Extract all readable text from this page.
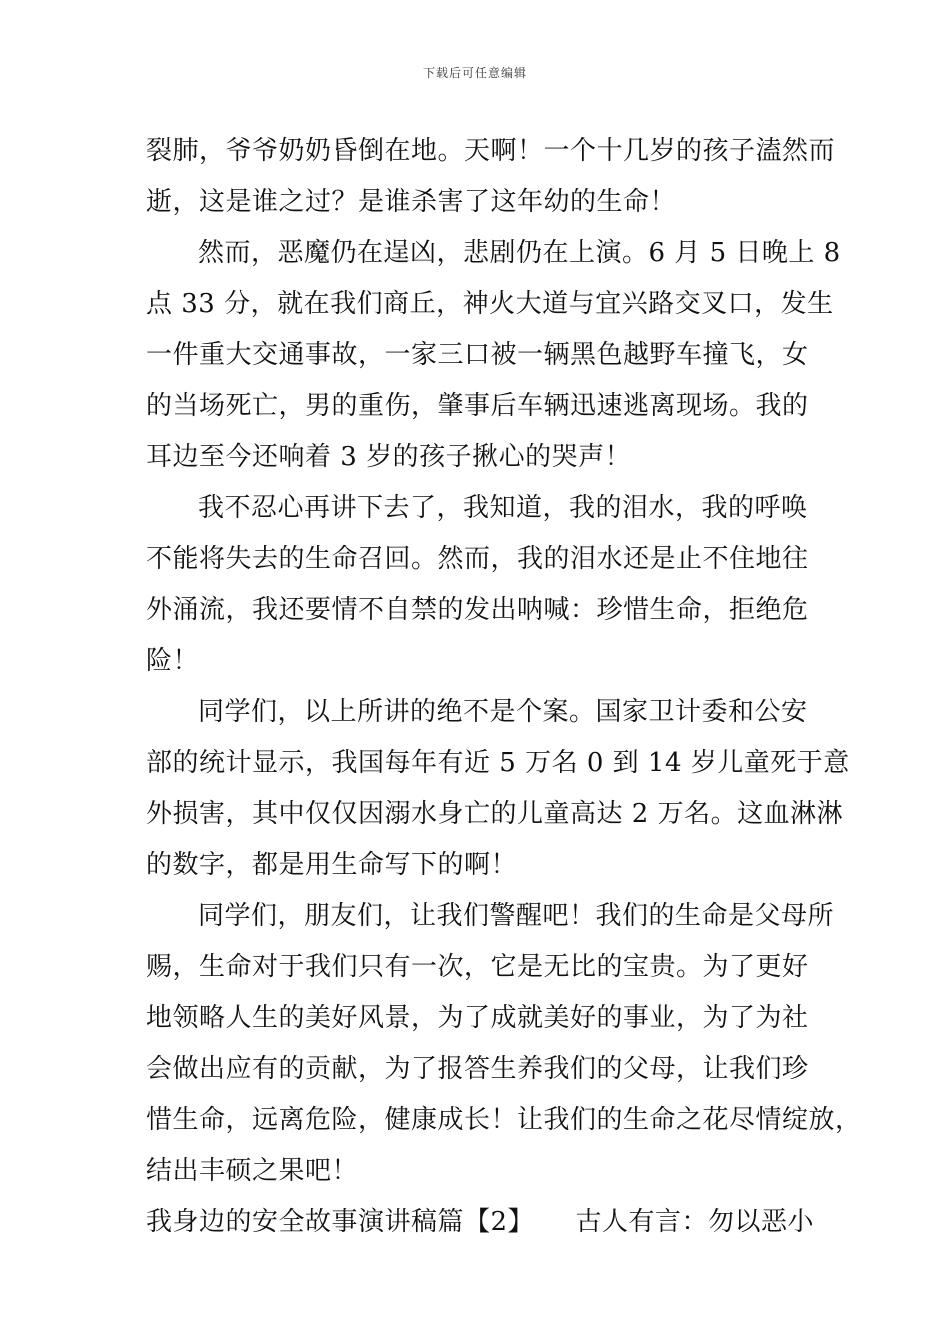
下载后可任意编辑
裂肺，爷爷奶奶昏倒在地。天啊！一个十几岁的孩子溘然而
逝，这是谁之过？是谁杀害了这年幼的生命！
然而，恶魔仍在逞凶，悲剧仍在上演。6 月 5 日晚上 8
点 33 分，就在我们商丘，神火大道与宜兴路交叉口，发生
一件重大交通事故，一家三口被一辆黑色越野车撞飞，女
的当场死亡，男的重伤，肇事后车辆迅速逃离现场。我的
耳边至今还响着 3 岁的孩子揪心的哭声！
我不忍心再讲下去了，我知道，我的泪水，我的呼唤
不能将失去的生命召回。然而，我的泪水还是止不住地往
外涌流，我还要情不自禁的发出呐喊：珍惜生命，拒绝危
险！
同学们，以上所讲的绝不是个案。国家卫计委和公安
部的统计显示，我国每年有近 5 万名 0 到 14 岁儿童死于意
外损害，其中仅仅因溺水身亡的儿童高达 2 万名。这血淋淋
的数字，都是用生命写下的啊！
同学们，朋友们，让我们警醒吧！我们的生命是父母所
赐，生命对于我们只有一次，它是无比的宝贵。为了更好
地领略人生的美好风景，为了成就美好的事业，为了为社
会做出应有的贡献，为了报答生养我们的父母，让我们珍
惜生命，远离危险，健康成长！让我们的生命之花尽情绽放，
结出丰硕之果吧！
我身边的安全故事演讲稿篇【2】 古人有言：勿以恶小
